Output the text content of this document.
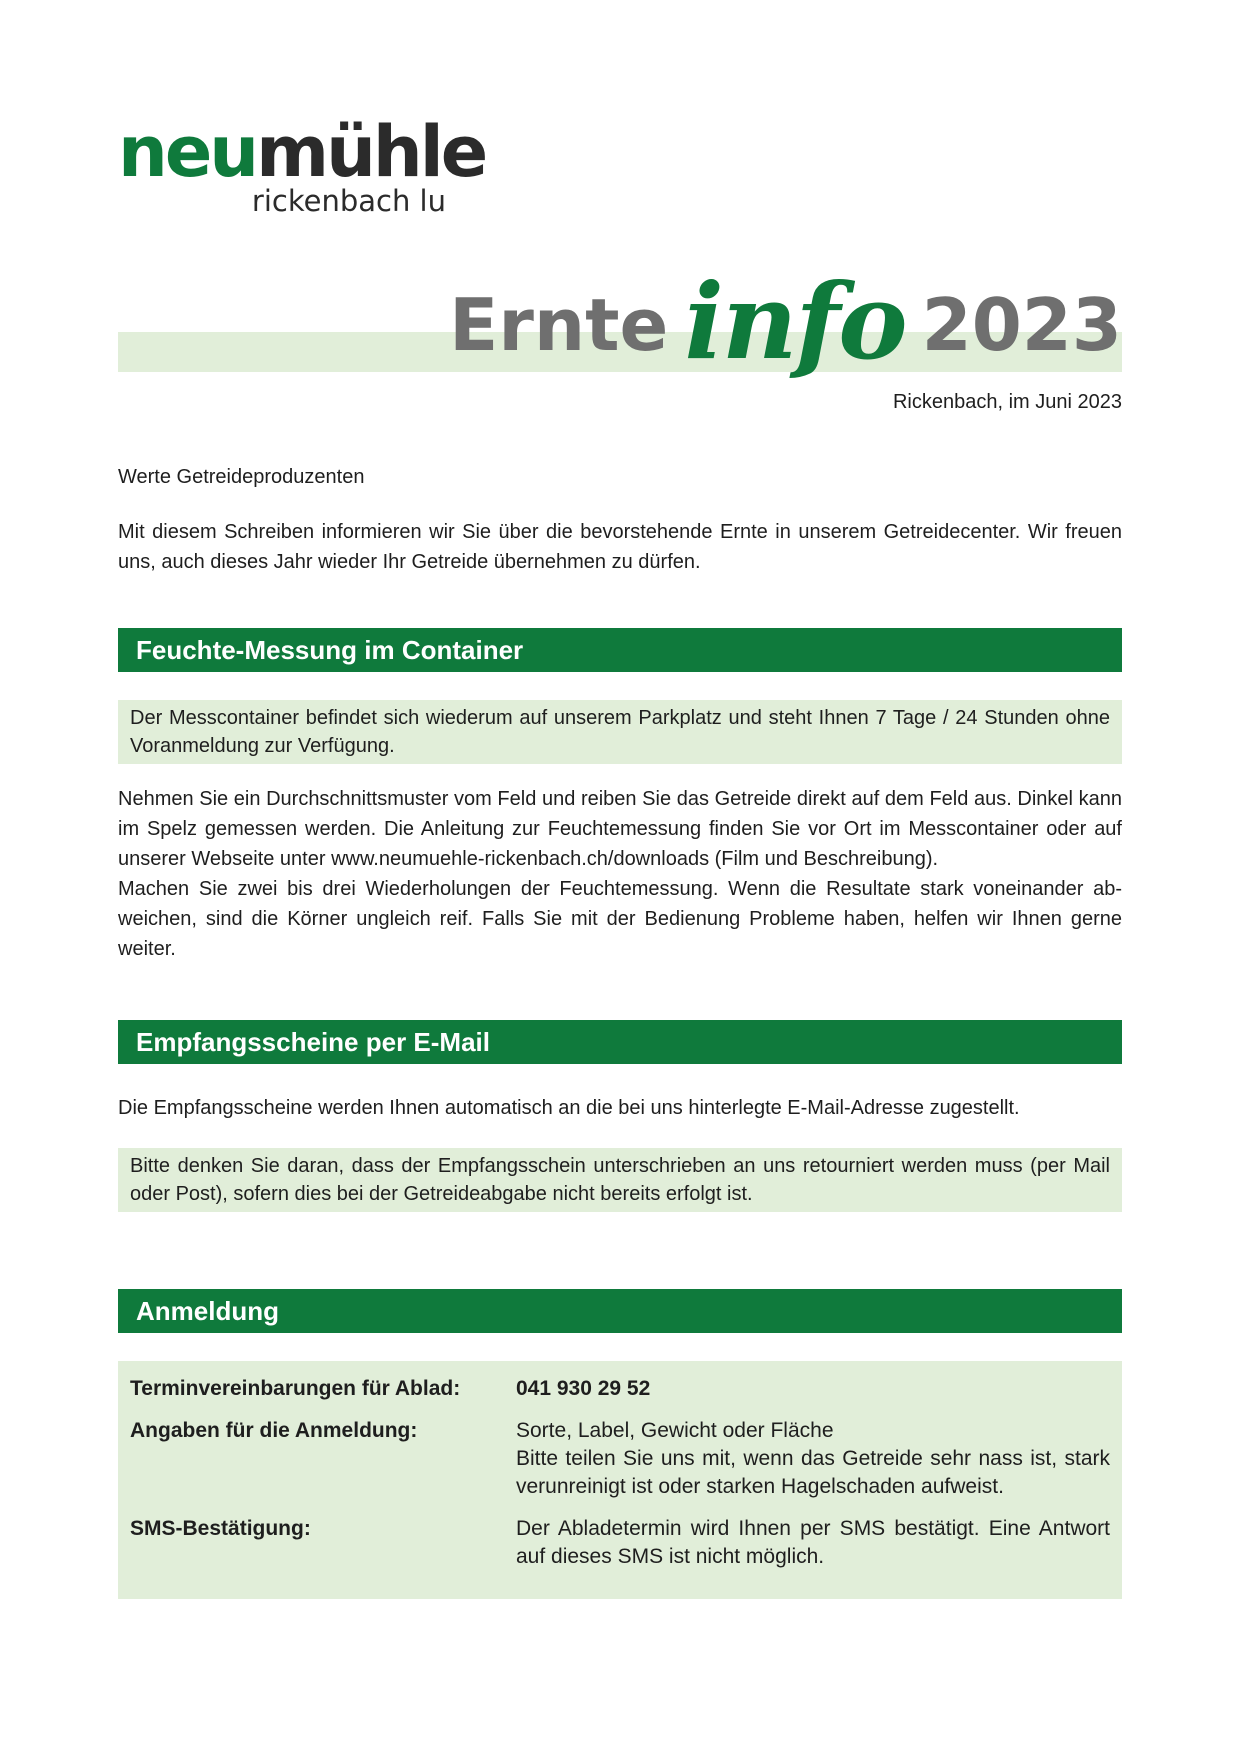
neumühle
rickenbach lu
Ernte info 2023
Rickenbach, im Juni 2023
Werte Getreideproduzenten
Mit diesem Schreiben informieren wir Sie über die bevorstehende Ernte in unserem Getreidecenter. Wir freuen uns, auch dieses Jahr wieder Ihr Getreide übernehmen zu dürfen.
Feuchte-Messung im Container
Der Messcontainer befindet sich wiederum auf unserem Parkplatz und steht Ihnen 7 Tage / 24 Stunden ohne Voranmeldung zur Verfügung.
Nehmen Sie ein Durchschnittsmuster vom Feld und reiben Sie das Getreide direkt auf dem Feld aus. Dinkel kann im Spelz gemessen werden. Die Anleitung zur Feuchtemessung finden Sie vor Ort im Messcontainer oder auf unserer Webseite unter www.neumuehle-rickenbach.ch/downloads (Film und Beschreibung).
Machen Sie zwei bis drei Wiederholungen der Feuchtemessung. Wenn die Resultate stark voneinander ab-weichen, sind die Körner ungleich reif. Falls Sie mit der Bedienung Probleme haben, helfen wir Ihnen gerne weiter.
Empfangsscheine per E-Mail
Die Empfangsscheine werden Ihnen automatisch an die bei uns hinterlegte E-Mail-Adresse zugestellt.
Bitte denken Sie daran, dass der Empfangsschein unterschrieben an uns retourniert werden muss (per Mail oder Post), sofern dies bei der Getreideabgabe nicht bereits erfolgt ist.
Anmeldung
Terminvereinbarungen für Ablad:	041 930 29 52
Angaben für die Anmeldung:	Sorte, Label, Gewicht oder Fläche
Bitte teilen Sie uns mit, wenn das Getreide sehr nass ist, stark verunreinigt ist oder starken Hagelschaden aufweist.
SMS-Bestätigung:	Der Abladetermin wird Ihnen per SMS bestätigt. Eine Antwort auf dieses SMS ist nicht möglich.
